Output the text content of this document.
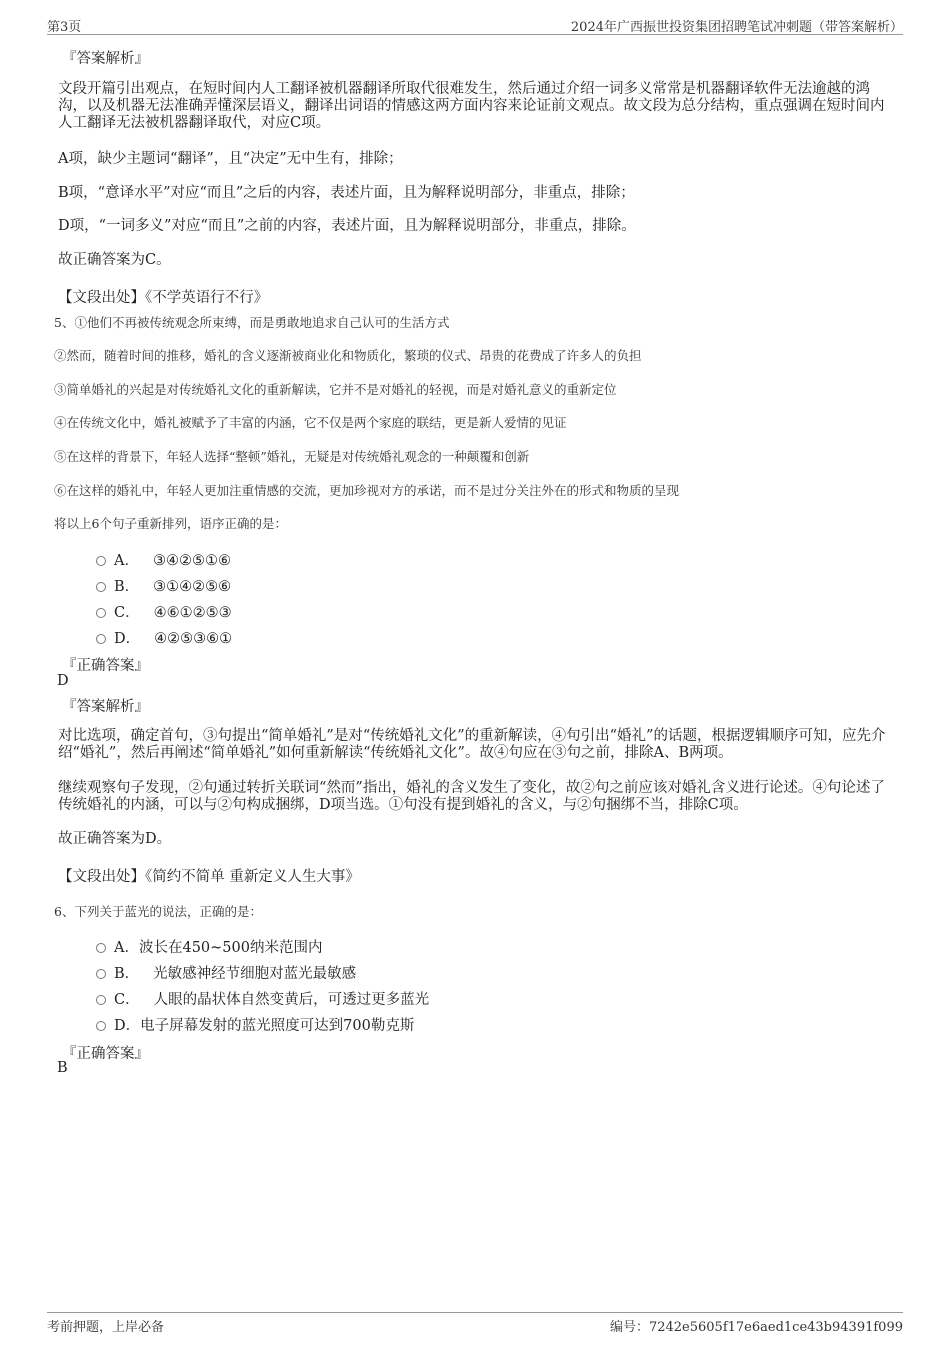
第3页	2024年广西振世投资集团招聘笔试冲刺题（带答案解析）
『答案解析』
文段开篇引出观点，在短时间内人工翻译被机器翻译所取代很难发生，然后通过介绍一词多义常常是机器翻译软件无法逾越的鸿沟，以及机器无法准确弄懂深层语义，翻译出词语的情感这两方面内容来论证前文观点。故文段为总分结构，重点强调在短时间内人工翻译无法被机器翻译取代，对应C项。
A项，缺少主题词“翻译”，且“决定”无中生有，排除；
B项，“意译水平”对应“而且”之后的内容，表述片面，且为解释说明部分，非重点，排除；
D项，“一词多义”对应“而且”之前的内容，表述片面，且为解释说明部分，非重点，排除。
故正确答案为C。
【文段出处】《不学英语行不行》
5、①他们不再被传统观念所束缚，而是勇敢地追求自己认可的生活方式
②然而，随着时间的推移，婚礼的含义逐渐被商业化和物质化，繁琐的仪式、昂贵的花费成了许多人的负担
③简单婚礼的兴起是对传统婚礼文化的重新解读，它并不是对婚礼的轻视，而是对婚礼意义的重新定位
④在传统文化中，婚礼被赋予了丰富的内涵，它不仅是两个家庭的联结，更是新人爱情的见证
⑤在这样的背景下，年轻人选择“整顿”婚礼，无疑是对传统婚礼观念的一种颠覆和创新
⑥在这样的婚礼中，年轻人更加注重情感的交流，更加珍视对方的承诺，而不是过分关注外在的形式和物质的呈现
将以上6个句子重新排列，语序正确的是：
A． ③④②⑤①⑥
B． ③①④②⑤⑥
C． ④⑥①②⑤③
D． ④②⑤③⑥①
『正确答案』
D
『答案解析』
对比选项，确定首句，③句提出“简单婚礼”是对“传统婚礼文化”的重新解读，④句引出“婚礼”的话题，根据逻辑顺序可知，应先介绍“婚礼”，然后再阐述“简单婚礼”如何重新解读“传统婚礼文化”。故④句应在③句之前，排除A、B两项。
继续观察句子发现，②句通过转折关联词“然而”指出，婚礼的含义发生了变化，故②句之前应该对婚礼含义进行论述。④句论述了传统婚礼的内涵，可以与②句构成捆绑，D项当选。①句没有提到婚礼的含义，与②句捆绑不当，排除C项。
故正确答案为D。
【文段出处】《简约不简单 重新定义人生大事》
6、下列关于蓝光的说法，正确的是：
A．波长在450~500纳米范围内
B． 光敏感神经节细胞对蓝光最敏感
C． 人眼的晶状体自然变黄后，可透过更多蓝光
D．电子屏幕发射的蓝光照度可达到700勒克斯
『正确答案』
B
考前押题，上岸必备	编号：7242e5605f17e6aed1ce43b94391f099
